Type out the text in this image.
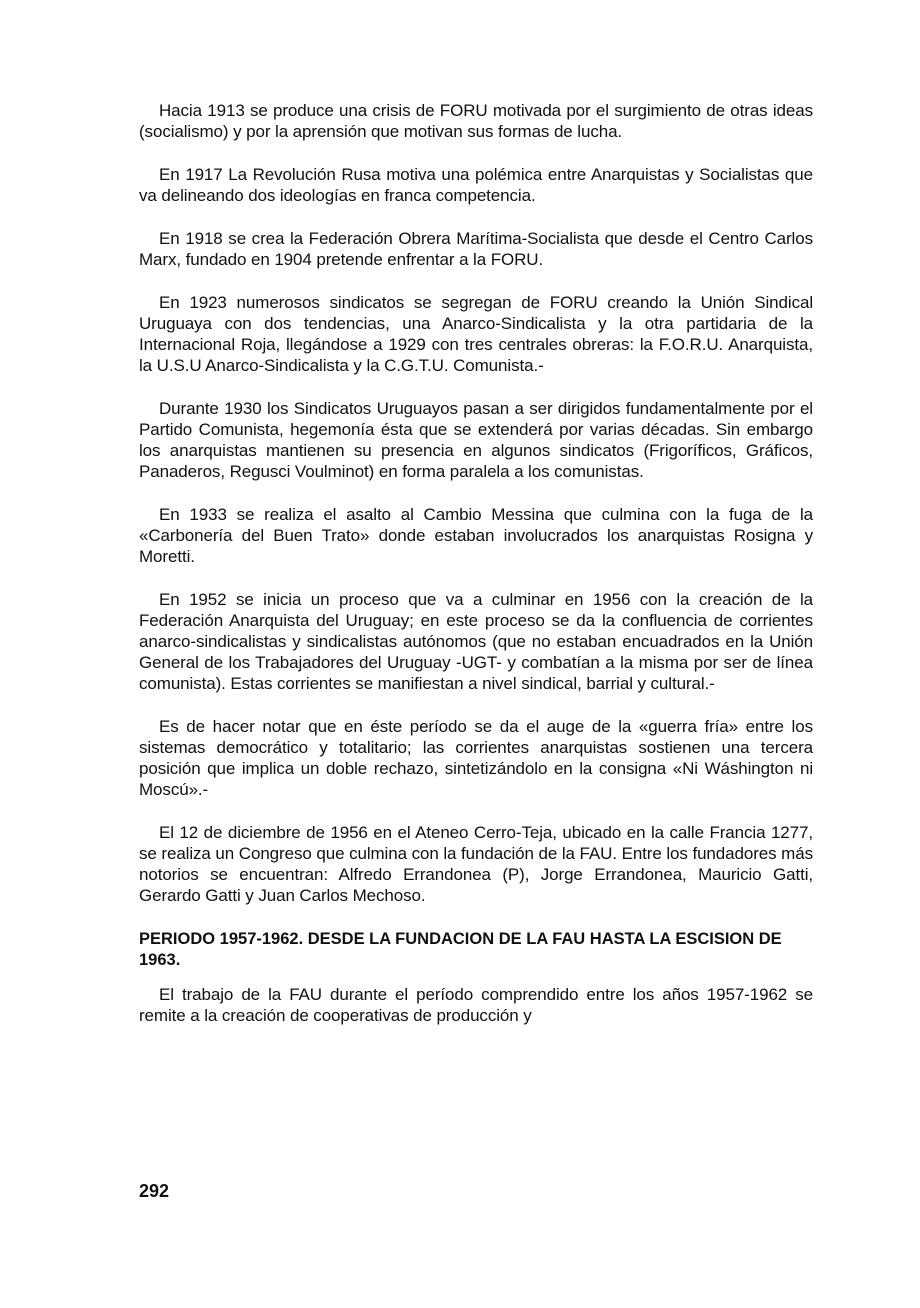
Hacia 1913 se produce una crisis de FORU motivada por el surgimiento de otras ideas (socialismo) y por la aprensión que motivan sus formas de lucha.

En 1917 La Revolución Rusa motiva una polémica entre Anarquistas y Socialistas que va delineando dos ideologías en franca competencia.

En 1918 se crea la Federación Obrera Marítima-Socialista que desde el Centro Carlos Marx, fundado en 1904 pretende enfrentar a la FORU.

En 1923 numerosos sindicatos se segregan de FORU creando la Unión Sindical Uruguaya con dos tendencias, una Anarco-Sindicalista y la otra partidaria de la Internacional Roja, llegándose a 1929 con tres centrales obreras: la F.O.R.U. Anarquista, la U.S.U Anarco-Sindicalista y la C.G.T.U. Comunista.-

Durante 1930 los Sindicatos Uruguayos pasan a ser dirigidos fundamentalmente por el Partido Comunista, hegemonía ésta que se extenderá por varias décadas. Sin embargo los anarquistas mantienen su presencia en algunos sindicatos (Frigoríficos, Gráficos, Panaderos, Regusci Voulminot) en forma paralela a los comunistas.

En 1933 se realiza el asalto al Cambio Messina que culmina con la fuga de la «Carbonería del Buen Trato» donde estaban involucrados los anarquistas Rosigna y Moretti.

En 1952 se inicia un proceso que va a culminar en 1956 con la creación de la Federación Anarquista del Uruguay; en este proceso se da la confluencia de corrientes anarco-sindicalistas y sindicalistas autónomos (que no estaban encuadrados en la Unión General de los Trabajadores del Uruguay -UGT- y combatían a la misma por ser de línea comunista). Estas corrientes se manifiestan a nivel sindical, barrial y cultural.-

Es de hacer notar que en éste período se da el auge de la «guerra fría» entre los sistemas democrático y totalitario; las corrientes anarquistas sostienen una tercera posición que implica un doble rechazo, sintetizándolo en la consigna «Ni Wáshington ni Moscú».-

El 12 de diciembre de 1956 en el Ateneo Cerro-Teja, ubicado en la calle Francia 1277, se realiza un Congreso que culmina con la fundación de la FAU. Entre los fundadores más notorios se encuentran: Alfredo Errandonea (P), Jorge Errandonea, Mauricio Gatti, Gerardo Gatti y Juan Carlos Mechoso.

PERIODO 1957-1962. DESDE LA FUNDACION DE LA FAU HASTA LA ESCISION DE 1963.

El trabajo de la FAU durante el período comprendido entre los años 1957-1962 se remite a la creación de cooperativas de producción y

292
